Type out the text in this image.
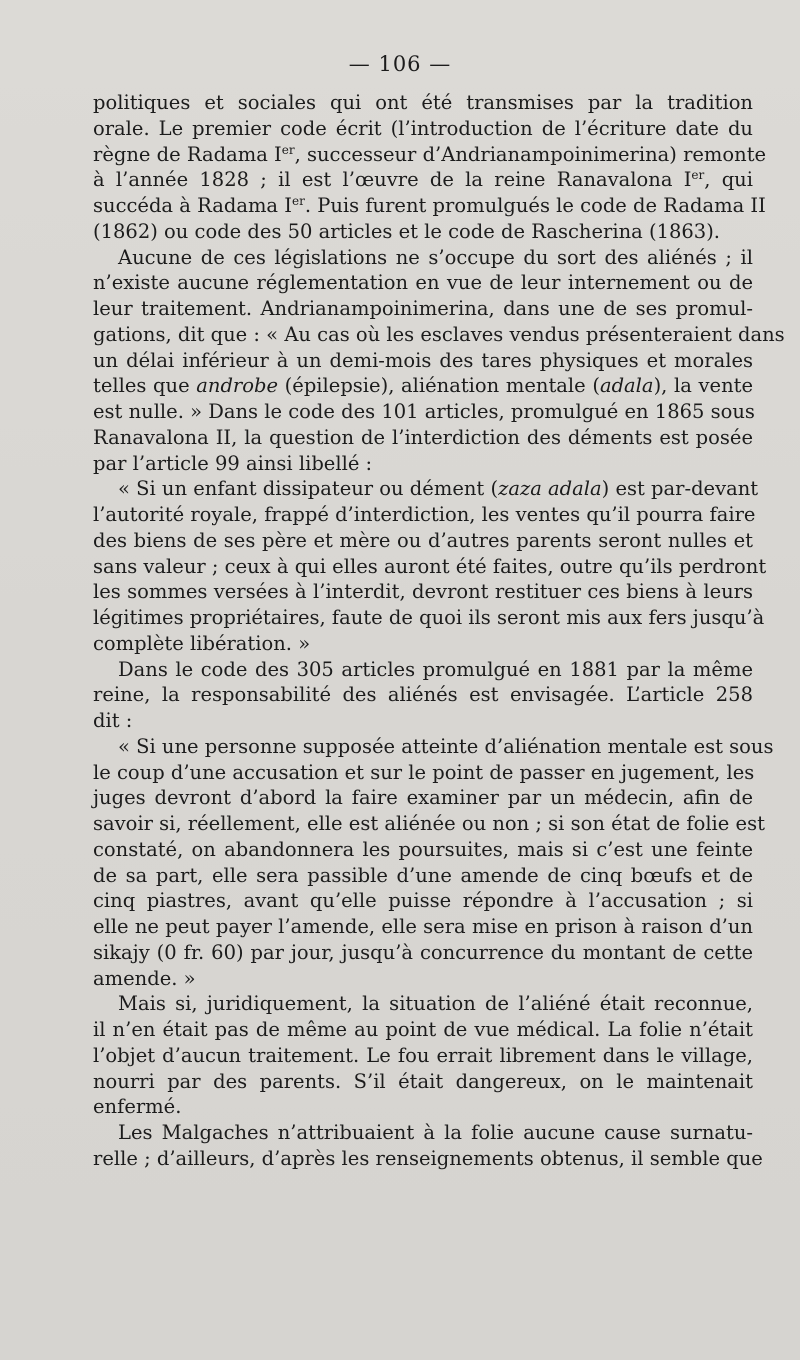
— 106 —
politiques et sociales qui ont été transmises par la tradition
orale. Le premier code écrit (l’introduction de l’écriture date du
règne de Radama Ier, successeur d’Andrianampoinimerina) remonte
à l’année 1828 ; il est l’œuvre de la reine Ranavalona Ier, qui
succéda à Radama Ier. Puis furent promulgués le code de Radama II
(1862) ou code des 50 articles et le code de Rascherina (1863).
Aucune de ces législations ne s’occupe du sort des aliénés ; il
n’existe aucune réglementation en vue de leur internement ou de
leur traitement. Andrianampoinimerina, dans une de ses promul-
gations, dit que : « Au cas où les esclaves vendus présenteraient dans
un délai inférieur à un demi-mois des tares physiques et morales
telles que androbe (épilepsie), aliénation mentale (adala), la vente
est nulle. » Dans le code des 101 articles, promulgué en 1865 sous
Ranavalona II, la question de l’interdiction des déments est posée
par l’article 99 ainsi libellé :
« Si un enfant dissipateur ou dément (zaza adala) est par-devant
l’autorité royale, frappé d’interdiction, les ventes qu’il pourra faire
des biens de ses père et mère ou d’autres parents seront nulles et
sans valeur ; ceux à qui elles auront été faites, outre qu’ils perdront
les sommes versées à l’interdit, devront restituer ces biens à leurs
légitimes propriétaires, faute de quoi ils seront mis aux fers jusqu’à
complète libération. »
Dans le code des 305 articles promulgué en 1881 par la même
reine, la responsabilité des aliénés est envisagée. L’article 258
dit :
« Si une personne supposée atteinte d’aliénation mentale est sous
le coup d’une accusation et sur le point de passer en jugement, les
juges devront d’abord la faire examiner par un médecin, afin de
savoir si, réellement, elle est aliénée ou non ; si son état de folie est
constaté, on abandonnera les poursuites, mais si c’est une feinte
de sa part, elle sera passible d’une amende de cinq bœufs et de
cinq piastres, avant qu’elle puisse répondre à l’accusation ; si
elle ne peut payer l’amende, elle sera mise en prison à raison d’un
sikajy (0 fr. 60) par jour, jusqu’à concurrence du montant de cette
amende. »
Mais si, juridiquement, la situation de l’aliéné était reconnue,
il n’en était pas de même au point de vue médical. La folie n’était
l’objet d’aucun traitement. Le fou errait librement dans le village,
nourri par des parents. S’il était dangereux, on le maintenait
enfermé.
Les Malgaches n’attribuaient à la folie aucune cause surnatu-
relle ; d’ailleurs, d’après les renseignements obtenus, il semble que
